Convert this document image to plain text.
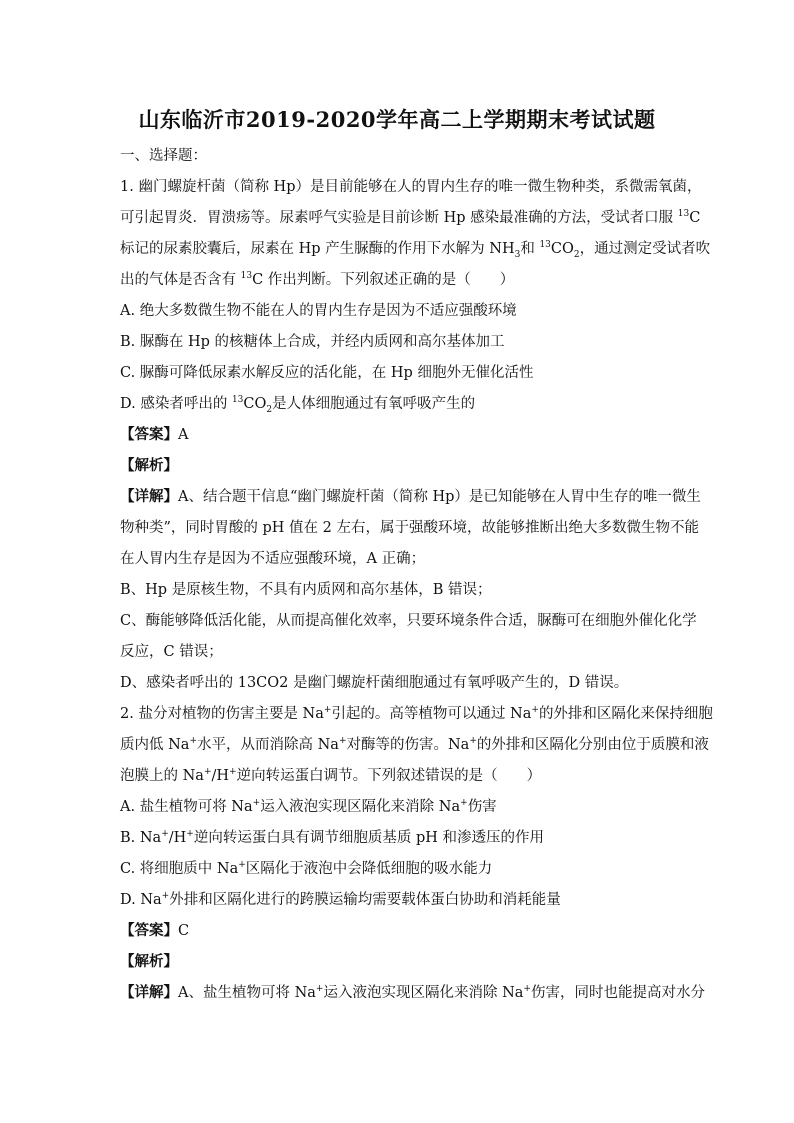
山东临沂市2019-2020学年高二上学期期末考试试题
一、选择题：
1. 幽门螺旋杆菌（简称 Hp）是目前能够在人的胃内生存的唯一微生物种类，系微需氧菌，
可引起胃炎．胃溃疡等。尿素呼气实验是目前诊断 Hp 感染最准确的方法，受试者口服 $^{13}$C
标记的尿素胶囊后，尿素在 Hp 产生脲酶的作用下水解为 $NH_3$和 $^{13}CO_2$，通过测定受试者吹
出的气体是否含有 $^{13}$C 作出判断。下列叙述正确的是（　　）
A. 绝大多数微生物不能在人的胃内生存是因为不适应强酸环境
B. 脲酶在 Hp 的核糖体上合成，并经内质网和高尔基体加工
C. 脲酶可降低尿素水解反应的活化能，在 Hp 细胞外无催化活性
D. 感染者呼出的 $^{13}CO_2$是人体细胞通过有氧呼吸产生的
【答案】A
【解析】
【详解】A、结合题干信息“幽门螺旋杆菌（简称 Hp）是已知能够在人胃中生存的唯一微生
物种类”，同时胃酸的 pH 值在 2 左右，属于强酸环境，故能够推断出绝大多数微生物不能
在人胃内生存是因为不适应强酸环境，A 正确；
B、Hp 是原核生物，不具有内质网和高尔基体，B 错误；
C、酶能够降低活化能，从而提高催化效率，只要环境条件合适，脲酶可在细胞外催化化学
反应，C 错误；
D、感染者呼出的 13CO2 是幽门螺旋杆菌细胞通过有氧呼吸产生的，D 错误。
2. 盐分对植物的伤害主要是 Na+引起的。高等植物可以通过 Na+的外排和区隔化来保持细胞
质内低 Na+水平，从而消除高 Na+对酶等的伤害。Na+的外排和区隔化分别由位于质膜和液
泡膜上的 Na+/H+逆向转运蛋白调节。下列叙述错误的是（　　）
A. 盐生植物可将 Na+运入液泡实现区隔化来消除 Na+伤害
B. Na+/H+逆向转运蛋白具有调节细胞质基质 pH 和渗透压的作用
C. 将细胞质中 Na+区隔化于液泡中会降低细胞的吸水能力
D. Na+外排和区隔化进行的跨膜运输均需要载体蛋白协助和消耗能量
【答案】C
【解析】
【详解】A、盐生植物可将 Na+运入液泡实现区隔化来消除 Na+伤害，同时也能提高对水分
